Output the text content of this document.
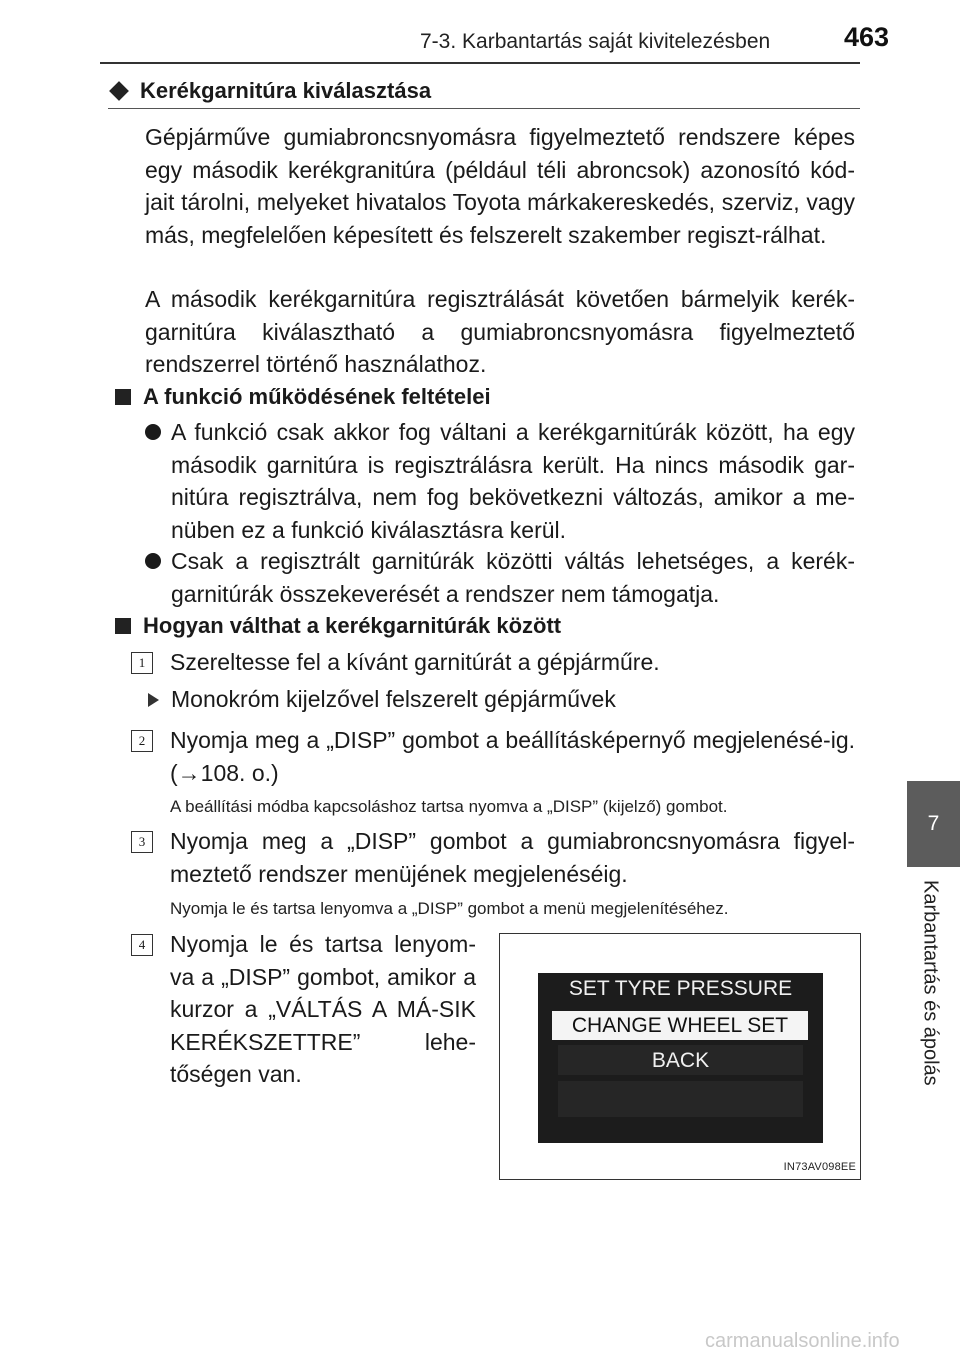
7-3. Karbantartás saját kivitelezésben	463
7
Karbantartás és ápolás
Kerékgarnitúra kiválasztása
Gépjárműve gumiabroncsnyomásra figyelmeztető rendszere képes egy második kerékgranitúra (például téli abroncsok) azonosító kód-jait tárolni, melyeket hivatalos Toyota márkakereskedés, szerviz, vagy más, megfelelően képesített és felszerelt szakember regiszt-rálhat.
A második kerékgarnitúra regisztrálását követően bármelyik kerék-garnitúra kiválasztható a gumiabroncsnyomásra figyelmeztető rendszerrel történő használathoz.
A funkció működésének feltételei
A funkció csak akkor fog váltani a kerékgarnitúrák között, ha egy második garnitúra is regisztrálásra került. Ha nincs második gar-nitúra regisztrálva, nem fog bekövetkezni változás, amikor a me-nüben ez a funkció kiválasztásra kerül.
Csak a regisztrált garnitúrák közötti váltás lehetséges, a kerék-garnitúrák összekeverését a rendszer nem támogatja.
Hogyan válthat a kerékgarnitúrák között
1	Szereltesse fel a kívánt garnitúrát a gépjárműre.
Monokróm kijelzővel felszerelt gépjárművek
2	Nyomja meg a „DISP” gombot a beállításképernyő megjelenésé-ig. (→108. o.)
A beállítási módba kapcsoláshoz tartsa nyomva a „DISP” (kijelző) gombot.
3	Nyomja meg a „DISP” gombot a gumiabroncsnyomásra figyel-meztető rendszer menüjének megjelenéséig.
Nyomja le és tartsa lenyomva a „DISP” gombot a menü megjelenítéséhez.
4	Nyomja le és tartsa lenyom-va a „DISP” gombot, amikor a kurzor a „VÁLTÁS A MÁ-SIK KERÉKSZETTRE” lehe-tőségen van.
SET TYRE PRESSURE
CHANGE WHEEL SET
BACK
IN73AV098EE
carmanualsonline.info
